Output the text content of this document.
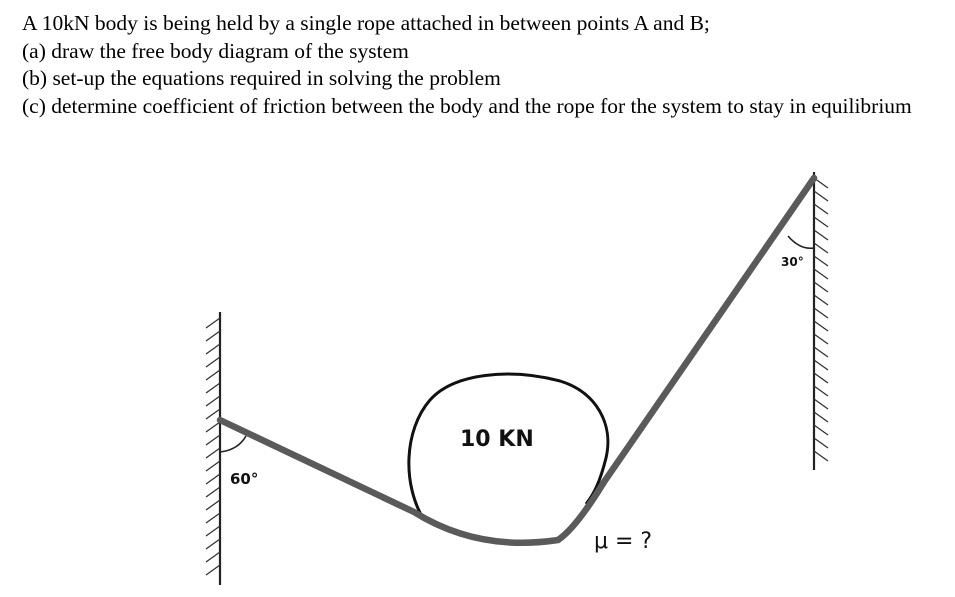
A 10kN body is being held by a single rope attached in between points A and B;

(a) draw the free body diagram of the system

(b) set-up the equations required in solving the problem

(c) determine coefficient of friction between the body and the rope for the system to stay in equilibrium

10 KN
60°
30°
μ = ?
